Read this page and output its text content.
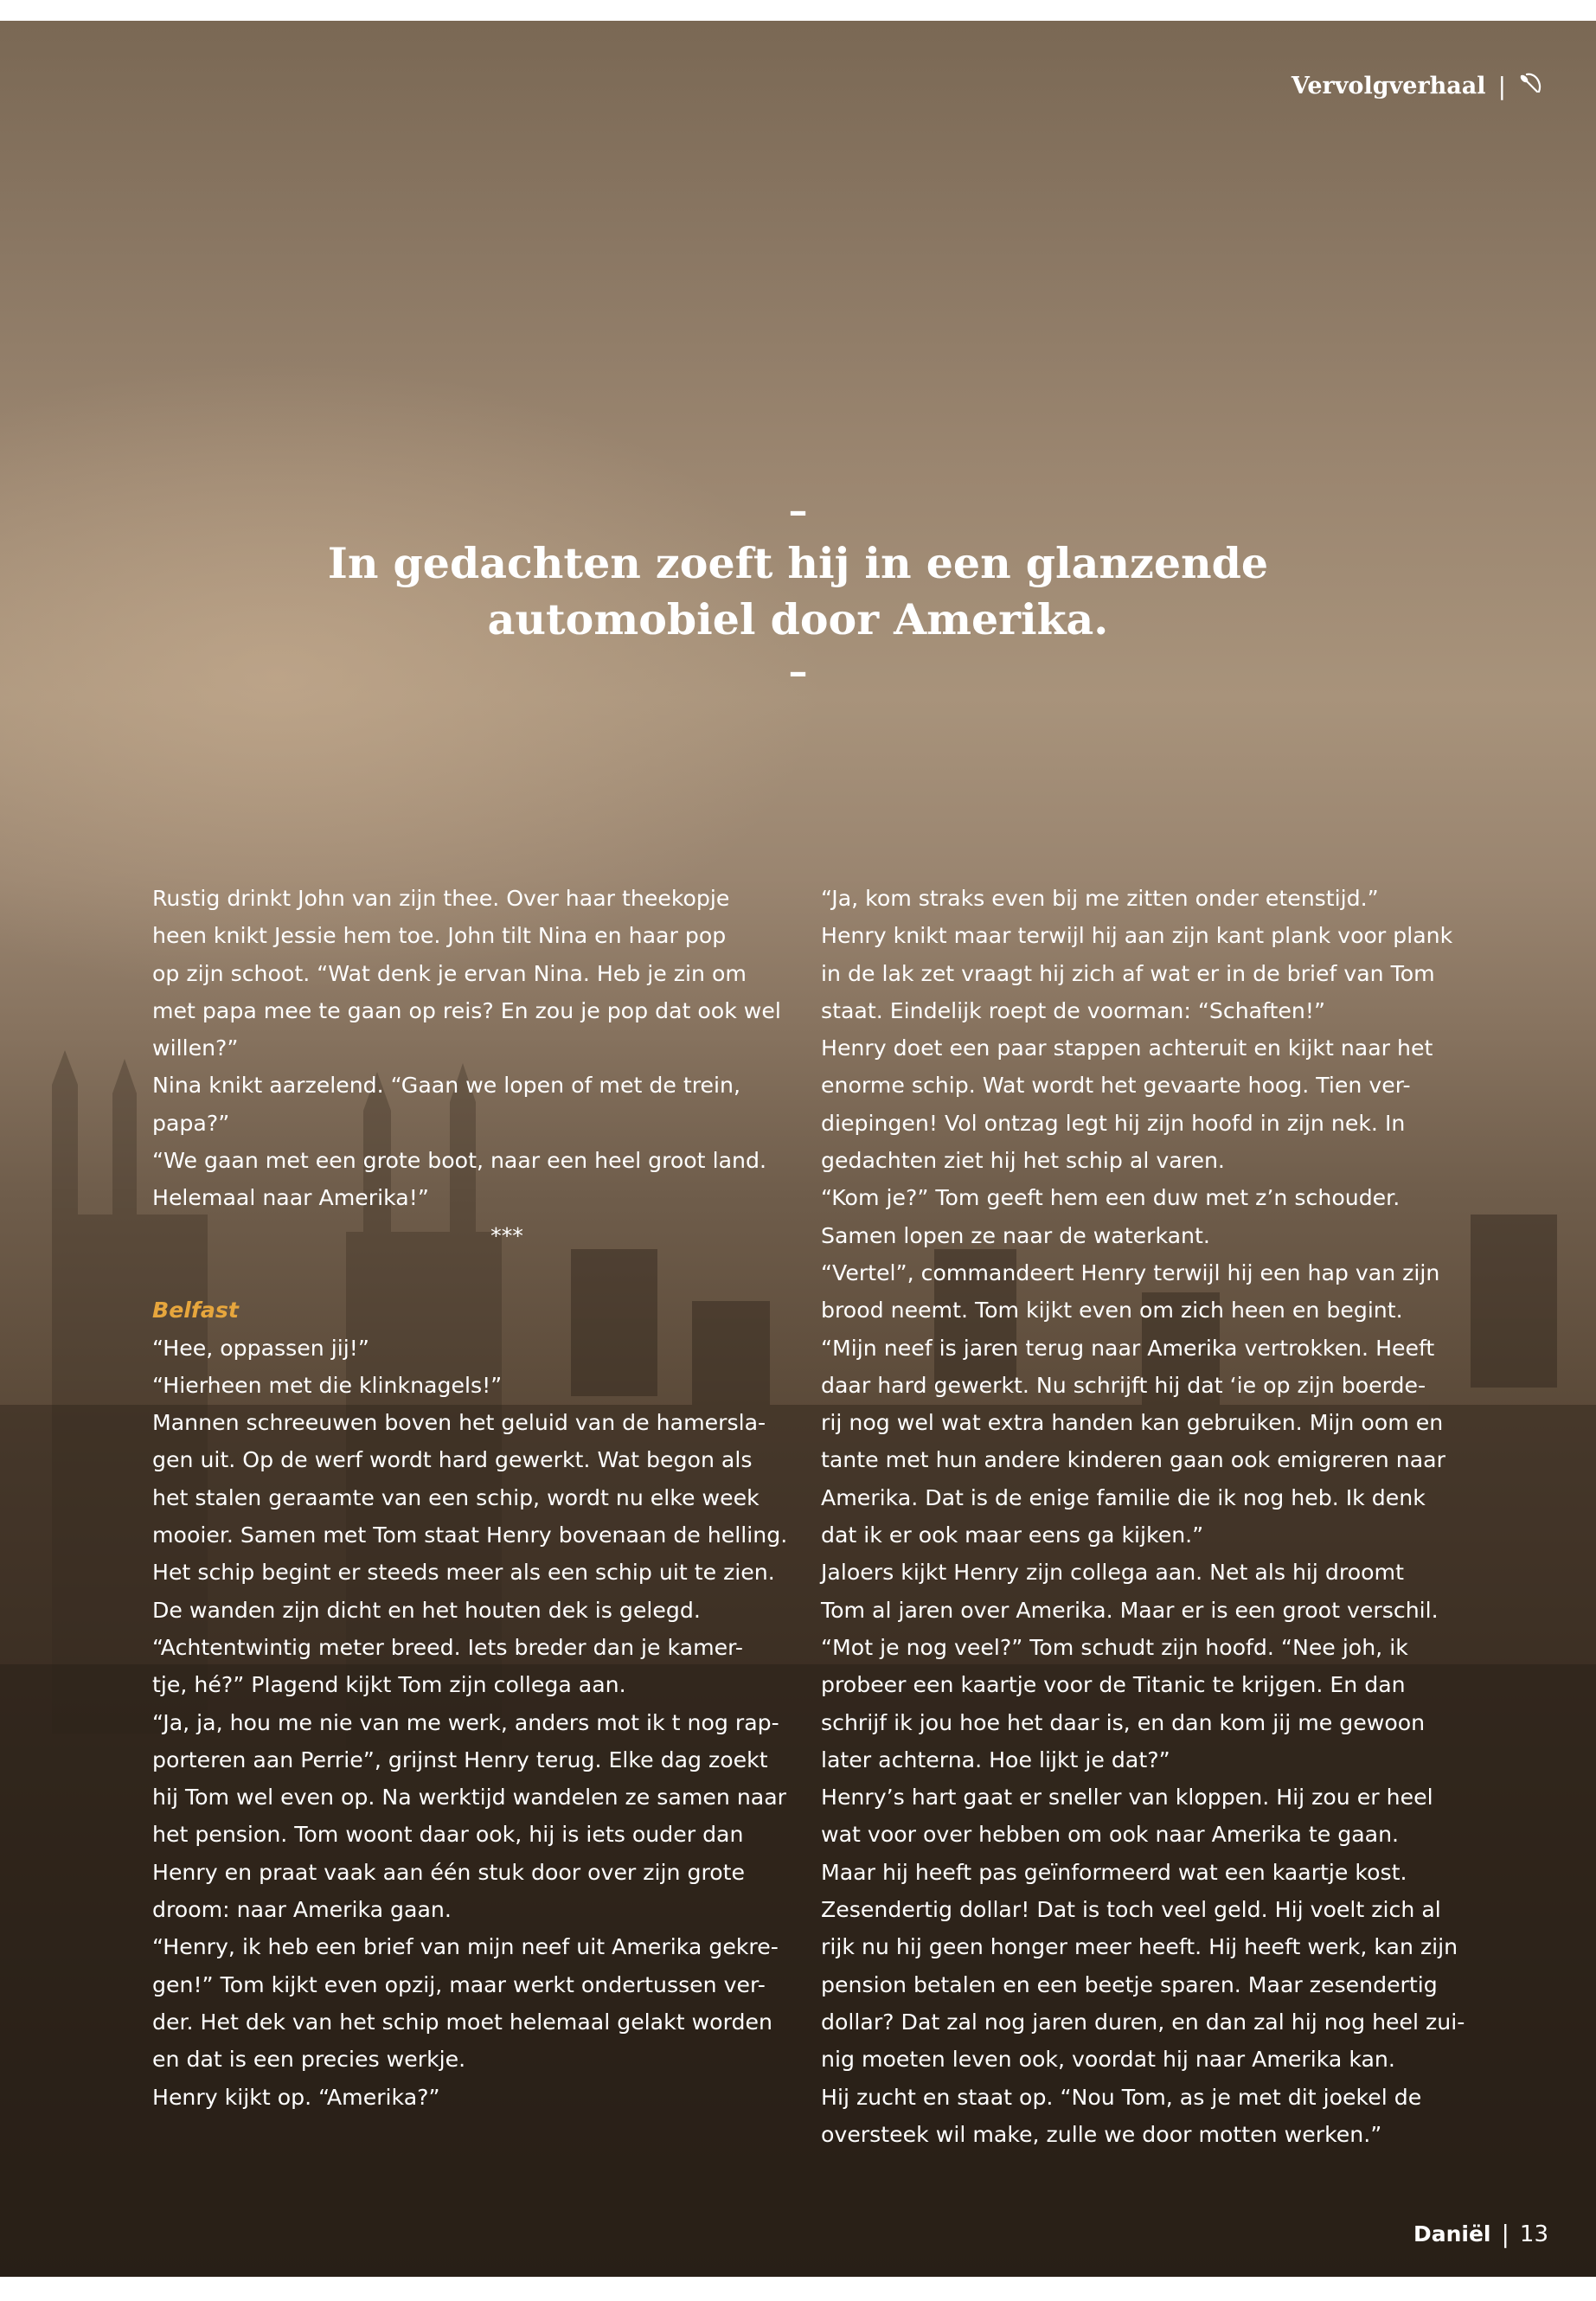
Vervolgverhaal |
–
In gedachten zoeft hij in een glanzende
automobiel door Amerika.
–

Rustig drinkt John van zijn thee. Over haar theekopje

heen knikt Jessie hem toe. John tilt Nina en haar pop

op zijn schoot. “Wat denk je ervan Nina. Heb je zin om

met papa mee te gaan op reis? En zou je pop dat ook wel

willen?”

Nina knikt aarzelend. “Gaan we lopen of met de trein,

papa?”

“We gaan met een grote boot, naar een heel groot land.

Helemaal naar Amerika!”

***

Belfast

“Hee, oppassen jij!”

“Hierheen met die klinknagels!”

Mannen schreeuwen boven het geluid van de hamersla-

gen uit. Op de werf wordt hard gewerkt. Wat begon als

het stalen geraamte van een schip, wordt nu elke week

mooier. Samen met Tom staat Henry bovenaan de helling.

Het schip begint er steeds meer als een schip uit te zien.

De wanden zijn dicht en het houten dek is gelegd.

“Achtentwintig meter breed. Iets breder dan je kamer-

tje, hé?” Plagend kijkt Tom zijn collega aan.

“Ja, ja, hou me nie van me werk, anders mot ik t nog rap-

porteren aan Perrie”, grijnst Henry terug. Elke dag zoekt

hij Tom wel even op. Na werktijd wandelen ze samen naar

het pension. Tom woont daar ook, hij is iets ouder dan

Henry en praat vaak aan één stuk door over zijn grote

droom: naar Amerika gaan.

“Henry, ik heb een brief van mijn neef uit Amerika gekre-

gen!” Tom kijkt even opzij, maar werkt ondertussen ver-

der. Het dek van het schip moet helemaal gelakt worden

en dat is een precies werkje.

Henry kijkt op. “Amerika?”

“Ja, kom straks even bij me zitten onder etenstijd.”

Henry knikt maar terwijl hij aan zijn kant plank voor plank

in de lak zet vraagt hij zich af wat er in de brief van Tom

staat. Eindelijk roept de voorman: “Schaften!”

Henry doet een paar stappen achteruit en kijkt naar het

enorme schip. Wat wordt het gevaarte hoog. Tien ver-

diepingen! Vol ontzag legt hij zijn hoofd in zijn nek. In

gedachten ziet hij het schip al varen.

“Kom je?” Tom geeft hem een duw met z’n schouder.

Samen lopen ze naar de waterkant.

“Vertel”, commandeert Henry terwijl hij een hap van zijn

brood neemt. Tom kijkt even om zich heen en begint.

“Mijn neef is jaren terug naar Amerika vertrokken. Heeft

daar hard gewerkt. Nu schrijft hij dat ‘ie op zijn boerde-

rij nog wel wat extra handen kan gebruiken. Mijn oom en

tante met hun andere kinderen gaan ook emigreren naar

Amerika. Dat is de enige familie die ik nog heb. Ik denk

dat ik er ook maar eens ga kijken.”

Jaloers kijkt Henry zijn collega aan. Net als hij droomt

Tom al jaren over Amerika. Maar er is een groot verschil.

“Mot je nog veel?” Tom schudt zijn hoofd. “Nee joh, ik

probeer een kaartje voor de Titanic te krijgen. En dan

schrijf ik jou hoe het daar is, en dan kom jij me gewoon

later achterna. Hoe lijkt je dat?”

Henry’s hart gaat er sneller van kloppen. Hij zou er heel

wat voor over hebben om ook naar Amerika te gaan.

Maar hij heeft pas geïnformeerd wat een kaartje kost.

Zesendertig dollar! Dat is toch veel geld. Hij voelt zich al

rijk nu hij geen honger meer heeft. Hij heeft werk, kan zijn

pension betalen en een beetje sparen. Maar zesendertig

dollar? Dat zal nog jaren duren, en dan zal hij nog heel zui-

nig moeten leven ook, voordat hij naar Amerika kan.

Hij zucht en staat op. “Nou Tom, as je met dit joekel de

oversteek wil make, zulle we door motten werken.”

Daniël | 13
